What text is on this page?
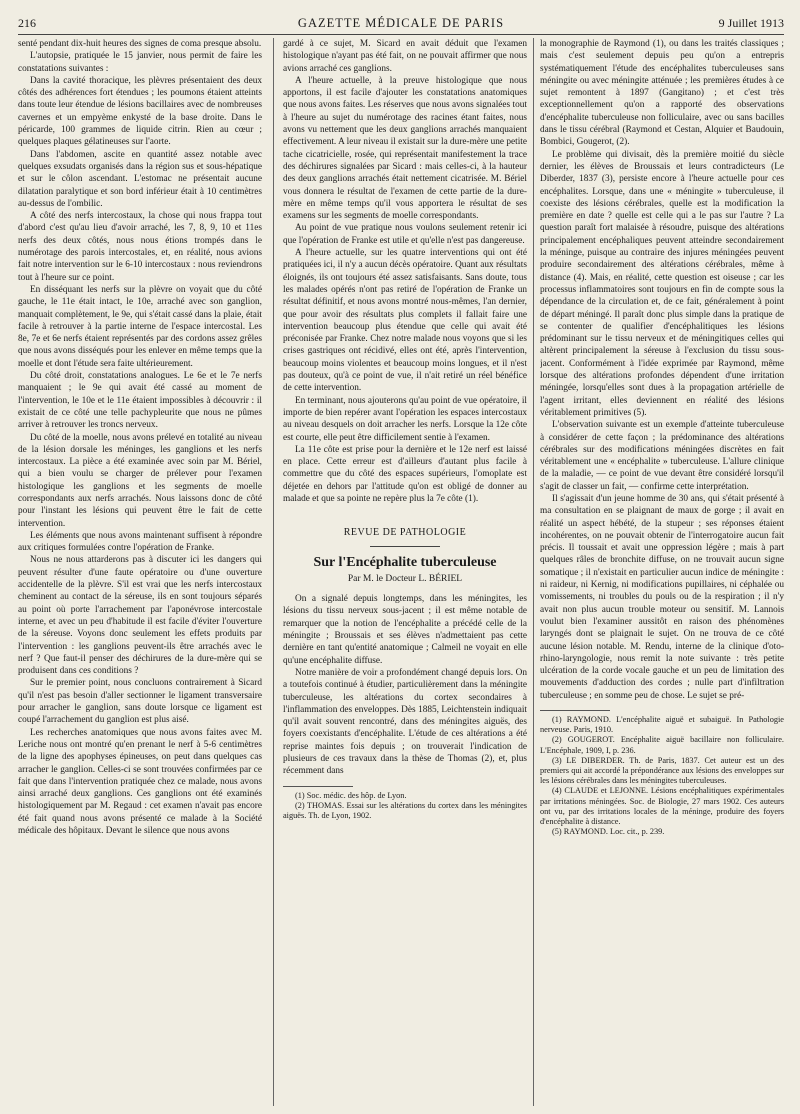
216	GAZETTE MÉDICALE DE PARIS	9 Juillet 1913

senté pendant dix-huit heures des signes de coma presque absolu.

L'autopsie, pratiquée le 15 janvier, nous permit de faire les constatations suivantes :

Dans la cavité thoracique, les plèvres présentaient des deux côtés des adhérences fort étendues ; les poumons étaient atteints dans toute leur étendue de lésions bacillaires avec de nombreuses cavernes et un empyème enkysté de la base droite. Dans le péricarde, 100 grammes de liquide citrin. Rien au cœur ; quelques plaques gélatineuses sur l'aorte.

Dans l'abdomen, ascite en quantité assez notable avec quelques exsudats organisés dans la région sus et sous-hépatique et sur le côlon ascendant. L'estomac ne présentait aucune dilatation paralytique et son bord inférieur était à 10 centimètres au-dessus de l'ombilic.

A côté des nerfs intercostaux, la chose qui nous frappa tout d'abord c'est qu'au lieu d'avoir arraché, les 7, 8, 9, 10 et 11es nerfs des deux côtés, nous nous étions trompés dans le numérotage des parois intercostales, et, en réalité, nous avions fait notre intervention sur le 6-10 intercostaux : nous reviendrons tout à l'heure sur ce point.

En disséquant les nerfs sur la plèvre on voyait que du côté gauche, le 11e était intact, le 10e, arraché avec son ganglion, manquait complètement, le 9e, qui s'était cassé dans la plaie, était facile à retrouver à la partie interne de l'espace intercostal. Les 8e, 7e et 6e nerfs étaient représentés par des cordons assez grêles que nous avons disséqués pour les enlever en même temps que la moelle et dont l'étude sera faite ultérieurement.

Du côté droit, constatations analogues. Le 6e et le 7e nerfs manquaient ; le 9e qui avait été cassé au moment de l'intervention, le 10e et le 11e étaient impossibles à découvrir : il existait de ce côté une telle pachypleurite que nous ne pûmes arriver à retrouver les troncs nerveux.

Du côté de la moelle, nous avons prélevé en totalité au niveau de la lésion dorsale les méninges, les ganglions et les nerfs intercostaux. La pièce a été examinée avec soin par M. Bériel, qui a bien voulu se charger de prélever pour l'examen histologique les ganglions et les segments de moelle correspondants aux nerfs arrachés. Nous laissons donc de côté pour l'instant les lésions qui peuvent être le fait de cette intervention.

Les éléments que nous avons maintenant suffisent à répondre aux critiques formulées contre l'opération de Franke.

Nous ne nous attarderons pas à discuter ici les dangers qui peuvent résulter d'une faute opératoire ou d'une ouverture accidentelle de la plèvre. S'il est vrai que les nerfs intercostaux cheminent au contact de la séreuse, ils en sont toujours séparés au point où porte l'arrachement par l'aponévrose intercostale interne, et avec un peu d'habitude il est facile d'éviter l'ouverture de la séreuse. Voyons donc seulement les effets produits par l'intervention : les ganglions peuvent-ils être arrachés avec le nerf ? Que faut-il penser des déchirures de la dure-mère qui se produisent dans ces conditions ?

Sur le premier point, nous concluons contrairement à Sicard qu'il n'est pas besoin d'aller sectionner le ligament transversaire pour arracher le ganglion, sans doute lorsque ce ligament est coupé l'arrachement du ganglion est plus aisé.

Les recherches anatomiques que nous avons faites avec M. Leriche nous ont montré qu'en prenant le nerf à 5-6 centimètres de la ligne des apophyses épineuses, on peut dans quelques cas arracher le ganglion. Celles-ci se sont trouvées confirmées par ce fait que dans l'intervention pratiquée chez ce malade, nous avons ainsi arraché deux ganglions. Ces ganglions ont été examinés histologiquement par M. Regaud : cet examen n'avait pas encore été fait quand nous avons présenté ce malade à la Société médicale des hôpitaux. Devant le silence que nous avons

gardé à ce sujet, M. Sicard en avait déduit que l'examen histologique n'ayant pas été fait, on ne pouvait affirmer que nous avions arraché ces ganglions.

A l'heure actuelle, à la preuve histologique que nous apportons, il est facile d'ajouter les constatations anatomiques que nous avons faites. Les réserves que nous avons signalées tout à l'heure au sujet du numérotage des racines étant faites, nous avons vu nettement que les deux ganglions arrachés manquaient effectivement. A leur niveau il existait sur la dure-mère une petite tache cicatricielle, rosée, qui représentait manifestement la trace des déchirures signalées par Sicard : mais celles-ci, à la hauteur des deux ganglions arrachés était nettement cicatrisée. M. Bériel vous donnera le résultat de l'examen de cette partie de la dure-mère en même temps qu'il vous apportera le résultat de ses examens sur les segments de moelle correspondants.

Au point de vue pratique nous voulons seulement retenir ici que l'opération de Franke est utile et qu'elle n'est pas dangereuse.

A l'heure actuelle, sur les quatre interventions qui ont été pratiquées ici, il n'y a aucun décès opératoire. Quant aux résultats éloignés, ils ont toujours été assez satisfaisants. Sans doute, tous les malades opérés n'ont pas retiré de l'opération de Franke un résultat définitif, et nous avons montré nous-mêmes, l'an dernier, que pour avoir des résultats plus complets il fallait faire une intervention beaucoup plus étendue que celle qui avait été préconisée par Franke. Chez notre malade nous voyons que si les crises gastriques ont récidivé, elles ont été, après l'intervention, beaucoup moins violentes et beaucoup moins longues, et il n'est pas douteux, qu'à ce point de vue, il n'ait retiré un réel bénéfice de cette intervention.

En terminant, nous ajouterons qu'au point de vue opératoire, il importe de bien repérer avant l'opération les espaces intercostaux au niveau desquels on doit arracher les nerfs. Lorsque la 12e côte est courte, elle peut être difficilement sentie à l'examen.

La 11e côte est prise pour la dernière et le 12e nerf est laissé en place. Cette erreur est d'ailleurs d'autant plus facile à commettre que du côté des espaces supérieurs, l'omoplate est déjetée en dehors par l'attitude qu'on est obligé de donner au malade et que sa pointe ne repère plus la 7e côte (1).

REVUE DE PATHOLOGIE
Sur l'Encéphalite tuberculeuse
Par M. le Docteur L. BÉRIEL

On a signalé depuis longtemps, dans les méningites, les lésions du tissu nerveux sous-jacent ; il est même notable de remarquer que la notion de l'encéphalite a précédé celle de la méningite ; Broussais et ses élèves n'admettaient pas cette dernière en tant qu'entité anatomique ; Calmeil ne voyait en elle qu'une encéphalite diffuse.

Notre manière de voir a profondément changé depuis lors. On a toutefois continué à étudier, particulièrement dans la méningite tuberculeuse, les altérations du cortex secondaires à l'inflammation des enveloppes. Dès 1885, Leichtenstein indiquait qu'il avait souvent rencontré, dans des méningites aiguës, des foyers coexistants d'encéphalite. L'étude de ces altérations a été reprise maintes fois depuis ; on trouverait l'indication de plusieurs de ces travaux dans la thèse de Thomas (2), et, plus récemment dans

(1) Soc. médic. des hôp. de Lyon.

(2) THOMAS. Essai sur les altérations du cortex dans les méningites aiguës. Th. de Lyon, 1902.

la monographie de Raymond (1), ou dans les traités classiques ; mais c'est seulement depuis peu qu'on a entrepris systématiquement l'étude des encéphalites tuberculeuses sans méningite ou avec méningite atténuée ; les premières études à ce sujet remontent à 1897 (Gangitano) ; et c'est très exceptionnellement qu'on a rapporté des observations d'encéphalite tuberculeuse non folliculaire, avec ou sans bacilles dans le tissu cérébral (Raymond et Cestan, Alquier et Baudouin, Bombici, Gougerot, (2).

Le problème qui divisait, dès la première moitié du siècle dernier, les élèves de Broussais et leurs contradicteurs (Le Diberder, 1837 (3), persiste encore à l'heure actuelle pour ces encéphalites. Lorsque, dans une « méningite » tuberculeuse, il coexiste des lésions cérébrales, quelle est la modification la première en date ? quelle est celle qui a le pas sur l'autre ? La question paraît fort malaisée à résoudre, puisque des altérations principalement encéphaliques peuvent atteindre secondairement la méninge, puisque au contraire des injures méningées peuvent produire secondairement des altérations cérébrales, même à distance (4). Mais, en réalité, cette question est oiseuse ; car les processus inflammatoires sont toujours en fin de compte sous la dépendance de la circulation et, de ce fait, généralement à point de départ méningé. Il paraît donc plus simple dans la pratique de se contenter de qualifier d'encéphalitiques les lésions prédominant sur le tissu nerveux et de méningitiques celles qui altèrent principalement la séreuse à l'exclusion du tissu sous-jacent. Conformément à l'idée exprimée par Raymond, même lorsque des altérations profondes dépendent d'une irritation méningée, lorsqu'elles sont dues à la propagation artérielle de l'agent irritant, elles deviennent en réalité des lésions véritablement primitives (5).

L'observation suivante est un exemple d'atteinte tuberculeuse à considérer de cette façon ; la prédominance des altérations cérébrales sur des modifications méningées discrètes en fait véritablement une « encéphalite » tuberculeuse. L'allure clinique de la maladie, — ce point de vue devant être considéré lorsqu'il s'agit de classer un fait, — confirme cette interprétation.

Il s'agissait d'un jeune homme de 30 ans, qui s'était présenté à ma consultation en se plaignant de maux de gorge ; il avait en réalité un aspect hébété, de la stupeur ; ses réponses étaient incohérentes, on ne pouvait obtenir de l'interrogatoire aucun fait précis. Il toussait et avait une oppression légère ; mais à part quelques râles de bronchite diffuse, on ne trouvait aucun signe somatique ; il n'existait en particulier aucun indice de méningite : ni raideur, ni Kernig, ni modifications pupillaires, ni céphalée ou vomissements, ni troubles du pouls ou de la respiration ; il n'y avait non plus aucun trouble moteur ou sensitif. M. Lannois voulut bien l'examiner aussitôt en raison des phénomènes laryngés dont se plaignait le sujet. On ne trouva de ce côté aucune lésion notable. M. Rendu, interne de la clinique d'oto-rhino-laryngologie, nous remit la note suivante : très petite ulcération de la corde vocale gauche et un peu de limitation des mouvements d'adduction des cordes ; nulle part d'infiltration tuberculeuse ; en somme peu de chose. Le sujet se pré-

(1) RAYMOND. L'encéphalite aiguë et subaiguë. In Pathologie nerveuse. Paris, 1910.

(2) GOUGEROT. Encéphalite aiguë bacillaire non folliculaire. L'Encéphale, 1909, I, p. 236.

(3) LE DIBERDER. Th. de Paris, 1837. Cet auteur est un des premiers qui ait accordé la prépondérance aux lésions des enveloppes sur les lésions cérébrales dans les méningites tuberculeuses.

(4) CLAUDE et LEJONNE. Lésions encéphalitiques expérimentales par irritations méningées. Soc. de Biologie, 27 mars 1902. Ces auteurs ont vu, par des irritations locales de la méninge, produire des foyers d'encéphalite à distance.

(5) RAYMOND. Loc. cit., p. 239.
